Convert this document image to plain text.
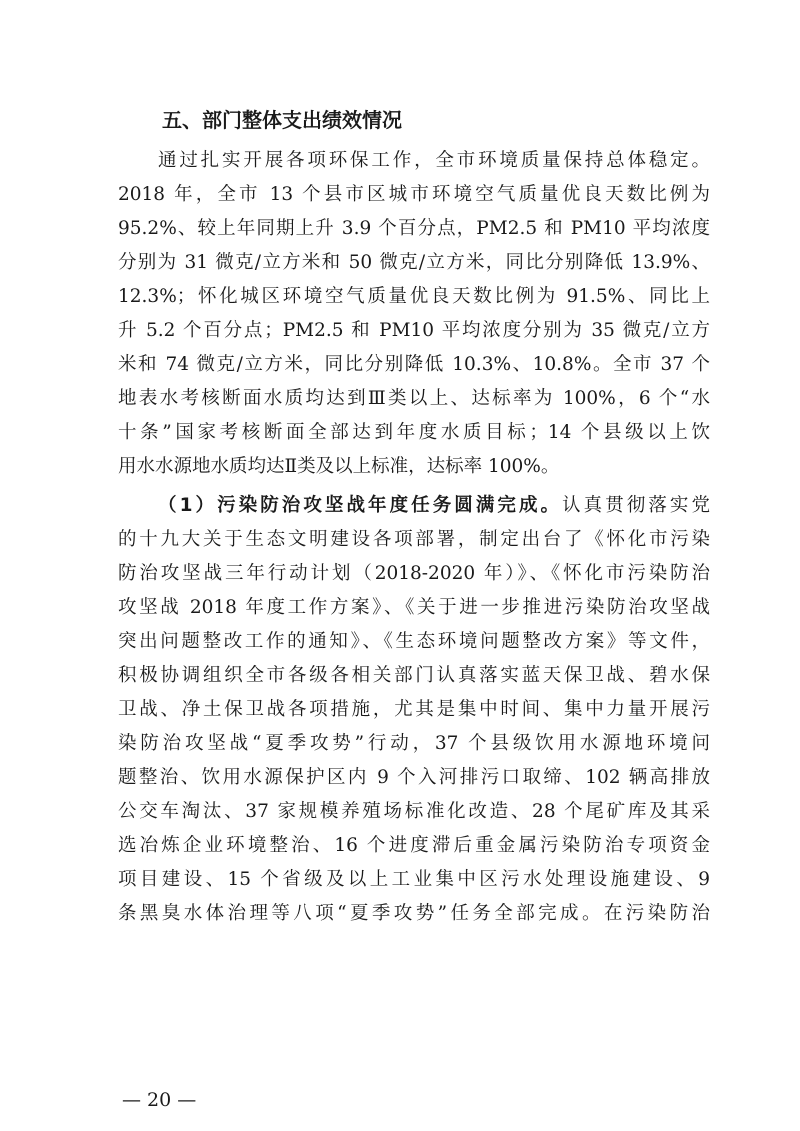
五、部门整体支出绩效情况
通过扎实开展各项环保工作，全市环境质量保持总体稳定。
2018 年，全市 13 个县市区城市环境空气质量优良天数比例为
95.2%、较上年同期上升 3.9 个百分点，PM2.5 和 PM10 平均浓度
分别为 31 微克/立方米和 50 微克/立方米，同比分别降低 13.9%、
12.3%；怀化城区环境空气质量优良天数比例为 91.5%、同比上
升 5.2 个百分点；PM2.5 和 PM10 平均浓度分别为 35 微克/立方
米和 74 微克/立方米，同比分别降低 10.3%、10.8%。全市 37 个
地表水考核断面水质均达到Ⅲ类以上、达标率为 100%，6 个“水
十条”国家考核断面全部达到年度水质目标；14 个县级以上饮
用水水源地水质均达Ⅱ类及以上标准，达标率 100%。
（1）污染防治攻坚战年度任务圆满完成。认真贯彻落实党
的十九大关于生态文明建设各项部署，制定出台了《怀化市污染
防治攻坚战三年行动计划（2018-2020 年）》、《怀化市污染防治
攻坚战 2018 年度工作方案》、《关于进一步推进污染防治攻坚战
突出问题整改工作的通知》、《生态环境问题整改方案》等文件，
积极协调组织全市各级各相关部门认真落实蓝天保卫战、碧水保
卫战、净土保卫战各项措施，尤其是集中时间、集中力量开展污
染防治攻坚战“夏季攻势”行动，37 个县级饮用水源地环境问
题整治、饮用水源保护区内 9 个入河排污口取缔、102 辆高排放
公交车淘汰、37 家规模养殖场标准化改造、28 个尾矿库及其采
选冶炼企业环境整治、16 个进度滞后重金属污染防治专项资金
项目建设、15 个省级及以上工业集中区污水处理设施建设、9
条黑臭水体治理等八项“夏季攻势”任务全部完成。在污染防治
— 20 —
